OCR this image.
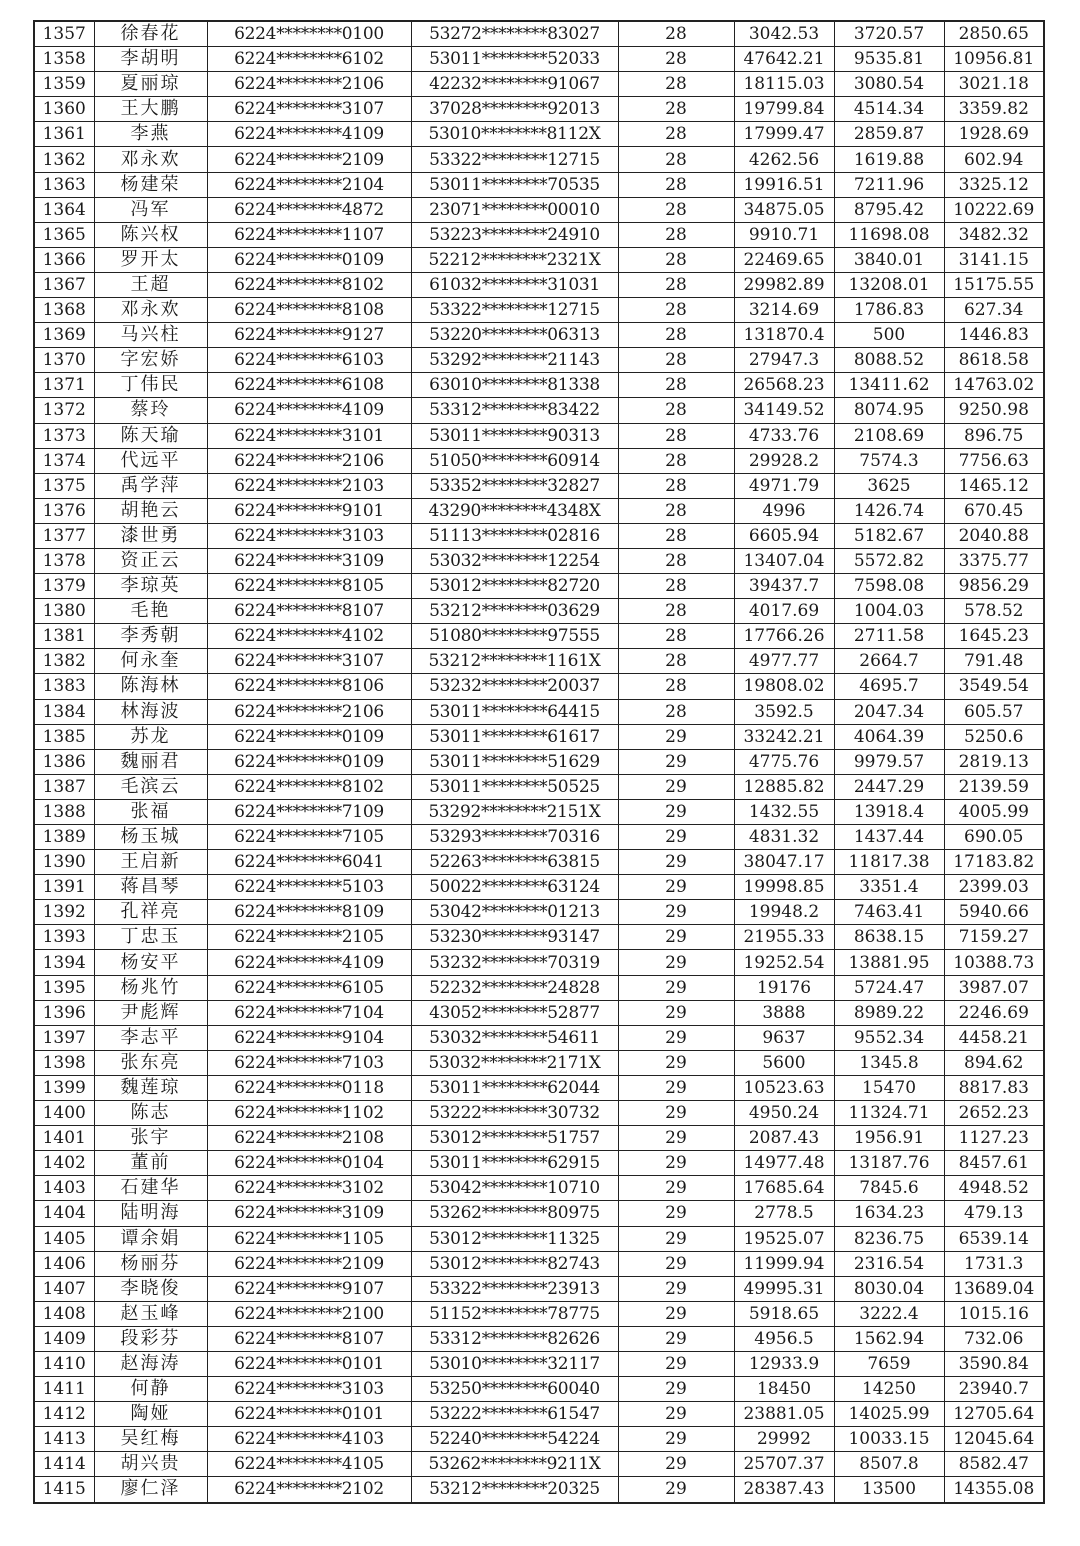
1357	徐春花	6224********0100	53272********83027	28	3042.53	3720.57	2850.65
1358	李胡明	6224********6102	53011********52033	28	47642.21	9535.81	10956.81
1359	夏丽琼	6224********2106	42232********91067	28	18115.03	3080.54	3021.18
1360	王大鹏	6224********3107	37028********92013	28	19799.84	4514.34	3359.82
1361	李燕	6224********4109	53010********8112X	28	17999.47	2859.87	1928.69
1362	邓永欢	6224********2109	53322********12715	28	4262.56	1619.88	602.94
1363	杨建荣	6224********2104	53011********70535	28	19916.51	7211.96	3325.12
1364	冯军	6224********4872	23071********00010	28	34875.05	8795.42	10222.69
1365	陈兴权	6224********1107	53223********24910	28	9910.71	11698.08	3482.32
1366	罗开太	6224********0109	52212********2321X	28	22469.65	3840.01	3141.15
1367	王超	6224********8102	61032********31031	28	29982.89	13208.01	15175.55
1368	邓永欢	6224********8108	53322********12715	28	3214.69	1786.83	627.34
1369	马兴柱	6224********9127	53220********06313	28	131870.4	500	1446.83
1370	字宏娇	6224********6103	53292********21143	28	27947.3	8088.52	8618.58
1371	丁伟民	6224********6108	63010********81338	28	26568.23	13411.62	14763.02
1372	蔡玲	6224********4109	53312********83422	28	34149.52	8074.95	9250.98
1373	陈天瑜	6224********3101	53011********90313	28	4733.76	2108.69	896.75
1374	代远平	6224********2106	51050********60914	28	29928.2	7574.3	7756.63
1375	禹学萍	6224********2103	53352********32827	28	4971.79	3625	1465.12
1376	胡艳云	6224********9101	43290********4348X	28	4996	1426.74	670.45
1377	漆世勇	6224********3103	51113********02816	28	6605.94	5182.67	2040.88
1378	资正云	6224********3109	53032********12254	28	13407.04	5572.82	3375.77
1379	李琼英	6224********8105	53012********82720	28	39437.7	7598.08	9856.29
1380	毛艳	6224********8107	53212********03629	28	4017.69	1004.03	578.52
1381	李秀朝	6224********4102	51080********97555	28	17766.26	2711.58	1645.23
1382	何永奎	6224********3107	53212********1161X	28	4977.77	2664.7	791.48
1383	陈海林	6224********8106	53232********20037	28	19808.02	4695.7	3549.54
1384	林海波	6224********2106	53011********64415	28	3592.5	2047.34	605.57
1385	苏龙	6224********0109	53011********61617	29	33242.21	4064.39	5250.6
1386	魏丽君	6224********0109	53011********51629	29	4775.76	9979.57	2819.13
1387	毛滨云	6224********8102	53011********50525	29	12885.82	2447.29	2139.59
1388	张福	6224********7109	53292********2151X	29	1432.55	13918.4	4005.99
1389	杨玉城	6224********7105	53293********70316	29	4831.32	1437.44	690.05
1390	王启新	6224********6041	52263********63815	29	38047.17	11817.38	17183.82
1391	蒋昌琴	6224********5103	50022********63124	29	19998.85	3351.4	2399.03
1392	孔祥亮	6224********8109	53042********01213	29	19948.2	7463.41	5940.66
1393	丁忠玉	6224********2105	53230********93147	29	21955.33	8638.15	7159.27
1394	杨安平	6224********4109	53232********70319	29	19252.54	13881.95	10388.73
1395	杨兆竹	6224********6105	52232********24828	29	19176	5724.47	3987.07
1396	尹彪辉	6224********7104	43052********52877	29	3888	8989.22	2246.69
1397	李志平	6224********9104	53032********54611	29	9637	9552.34	4458.21
1398	张东亮	6224********7103	53032********2171X	29	5600	1345.8	894.62
1399	魏莲琼	6224********0118	53011********62044	29	10523.63	15470	8817.83
1400	陈志	6224********1102	53222********30732	29	4950.24	11324.71	2652.23
1401	张宇	6224********2108	53012********51757	29	2087.43	1956.91	1127.23
1402	董前	6224********0104	53011********62915	29	14977.48	13187.76	8457.61
1403	石建华	6224********3102	53042********10710	29	17685.64	7845.6	4948.52
1404	陆明海	6224********3109	53262********80975	29	2778.5	1634.23	479.13
1405	谭余娟	6224********1105	53012********11325	29	19525.07	8236.75	6539.14
1406	杨丽芬	6224********2109	53012********82743	29	11999.94	2316.54	1731.3
1407	李晓俊	6224********9107	53322********23913	29	49995.31	8030.04	13689.04
1408	赵玉峰	6224********2100	51152********78775	29	5918.65	3222.4	1015.16
1409	段彩芬	6224********8107	53312********82626	29	4956.5	1562.94	732.06
1410	赵海涛	6224********0101	53010********32117	29	12933.9	7659	3590.84
1411	何静	6224********3103	53250********60040	29	18450	14250	23940.7
1412	陶娅	6224********0101	53222********61547	29	23881.05	14025.99	12705.64
1413	吴红梅	6224********4103	52240********54224	29	29992	10033.15	12045.64
1414	胡兴贵	6224********4105	53262********9211X	29	25707.37	8507.8	8582.47
1415	廖仁泽	6224********2102	53212********20325	29	28387.43	13500	14355.08
